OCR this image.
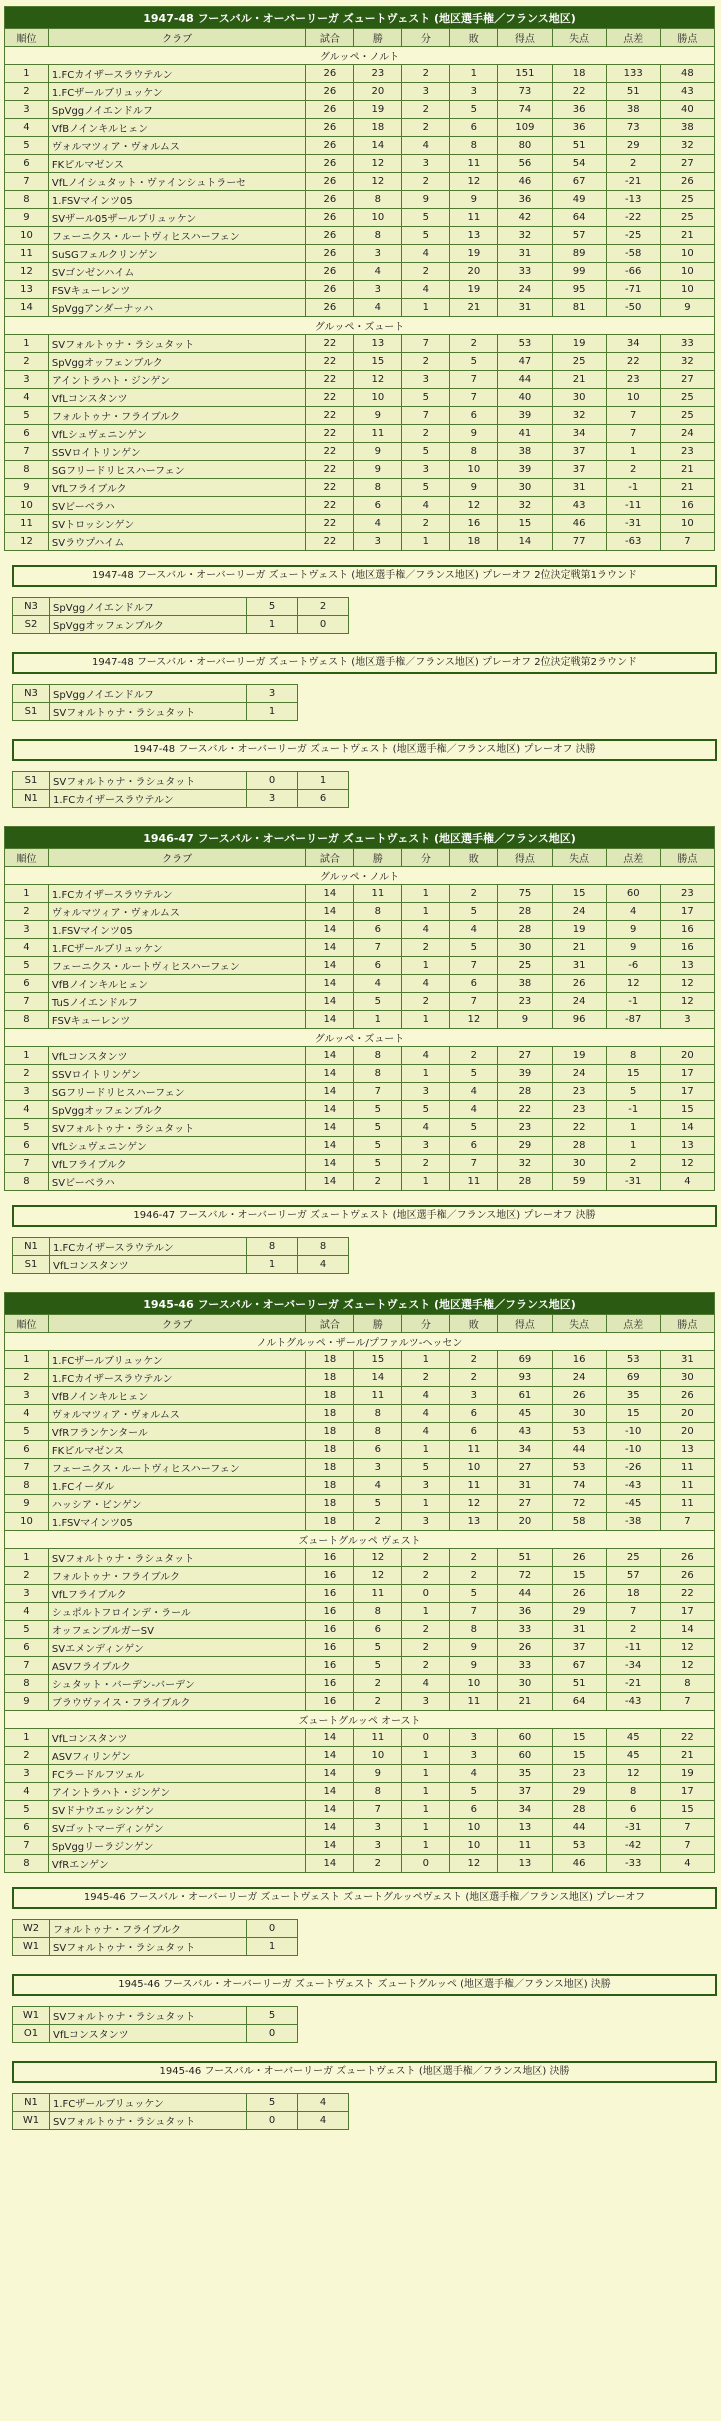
1947-48 フースバル・オーバーリーガ ズュートヴェスト (地区選手権／フランス地区)									
順位	クラブ	試合	勝	分	敗	得点	失点	点差	勝点
グルッペ・ノルト									
1	1.FCカイザースラウテルン	26	23	2	1	151	18	133	48
2	1.FCザールブリュッケン	26	20	3	3	73	22	51	43
3	SpVggノイエンドルフ	26	19	2	5	74	36	38	40
4	VfBノインキルヒェン	26	18	2	6	109	36	73	38
5	ヴォルマツィア・ヴォルムス	26	14	4	8	80	51	29	32
6	FKピルマゼンス	26	12	3	11	56	54	2	27
7	VfLノイシュタット・ヴァインシュトラーセ	26	12	2	12	46	67	-21	26
8	1.FSVマインツ05	26	8	9	9	36	49	-13	25
9	SVザール05ザールブリュッケン	26	10	5	11	42	64	-22	25
10	フェーニクス・ルートヴィヒスハーフェン	26	8	5	13	32	57	-25	21
11	SuSGフェルクリンゲン	26	3	4	19	31	89	-58	10
12	SVゴンゼンハイム	26	4	2	20	33	99	-66	10
13	FSVキューレンツ	26	3	4	19	24	95	-71	10
14	SpVggアンダーナッハ	26	4	1	21	31	81	-50	9
グルッペ・ズュート									
1	SVフォルトゥナ・ラシュタット	22	13	7	2	53	19	34	33
2	SpVggオッフェンブルク	22	15	2	5	47	25	22	32
3	アイントラハト・ジンゲン	22	12	3	7	44	21	23	27
4	VfLコンスタンツ	22	10	5	7	40	30	10	25
5	フォルトゥナ・フライブルク	22	9	7	6	39	32	7	25
6	VfLシュヴェニンゲン	22	11	2	9	41	34	7	24
7	SSVロイトリンゲン	22	9	5	8	38	37	1	23
8	SGフリードリヒスハーフェン	22	9	3	10	39	37	2	21
9	VfLフライブルク	22	8	5	9	30	31	-1	21
10	SVビーベラハ	22	6	4	12	32	43	-11	16
11	SVトロッシンゲン	22	4	2	16	15	46	-31	10
12	SVラウプハイム	22	3	1	18	14	77	-63	7
1947-48 フースバル・オーバーリーガ ズュートヴェスト (地区選手権／フランス地区) プレーオフ 2位決定戦第1ラウンド
N3	SpVggノイエンドルフ	5	2
S2	SpVggオッフェンブルク	1	0
1947-48 フースバル・オーバーリーガ ズュートヴェスト (地区選手権／フランス地区) プレーオフ 2位決定戦第2ラウンド
N3	SpVggノイエンドルフ	3
S1	SVフォルトゥナ・ラシュタット	1
1947-48 フースバル・オーバーリーガ ズュートヴェスト (地区選手権／フランス地区) プレーオフ 決勝
S1	SVフォルトゥナ・ラシュタット	0	1
N1	1.FCカイザースラウテルン	3	6
1946-47 フースバル・オーバーリーガ ズュートヴェスト (地区選手権／フランス地区)									
順位	クラブ	試合	勝	分	敗	得点	失点	点差	勝点
グルッペ・ノルト									
1	1.FCカイザースラウテルン	14	11	1	2	75	15	60	23
2	ヴォルマツィア・ヴォルムス	14	8	1	5	28	24	4	17
3	1.FSVマインツ05	14	6	4	4	28	19	9	16
4	1.FCザールブリュッケン	14	7	2	5	30	21	9	16
5	フェーニクス・ルートヴィヒスハーフェン	14	6	1	7	25	31	-6	13
6	VfBノインキルヒェン	14	4	4	6	38	26	12	12
7	TuSノイエンドルフ	14	5	2	7	23	24	-1	12
8	FSVキューレンツ	14	1	1	12	9	96	-87	3
グルッペ・ズュート									
1	VfLコンスタンツ	14	8	4	2	27	19	8	20
2	SSVロイトリンゲン	14	8	1	5	39	24	15	17
3	SGフリードリヒスハーフェン	14	7	3	4	28	23	5	17
4	SpVggオッフェンブルク	14	5	5	4	22	23	-1	15
5	SVフォルトゥナ・ラシュタット	14	5	4	5	23	22	1	14
6	VfLシュヴェニンゲン	14	5	3	6	29	28	1	13
7	VfLフライブルク	14	5	2	7	32	30	2	12
8	SVビーベラハ	14	2	1	11	28	59	-31	4
1946-47 フースバル・オーバーリーガ ズュートヴェスト (地区選手権／フランス地区) プレーオフ 決勝
N1	1.FCカイザースラウテルン	8	8
S1	VfLコンスタンツ	1	4
1945-46 フースバル・オーバーリーガ ズュートヴェスト (地区選手権／フランス地区)									
順位	クラブ	試合	勝	分	敗	得点	失点	点差	勝点
ノルトグルッペ・ザール/プファルツ-ヘッセン									
1	1.FCザールブリュッケン	18	15	1	2	69	16	53	31
2	1.FCカイザースラウテルン	18	14	2	2	93	24	69	30
3	VfBノインキルヒェン	18	11	4	3	61	26	35	26
4	ヴォルマツィア・ヴォルムス	18	8	4	6	45	30	15	20
5	VfRフランケンタール	18	8	4	6	43	53	-10	20
6	FKピルマゼンス	18	6	1	11	34	44	-10	13
7	フェーニクス・ルートヴィヒスハーフェン	18	3	5	10	27	53	-26	11
8	1.FCイーダル	18	4	3	11	31	74	-43	11
9	ハッシア・ビンゲン	18	5	1	12	27	72	-45	11
10	1.FSVマインツ05	18	2	3	13	20	58	-38	7
ズュートグルッペ ヴェスト									
1	SVフォルトゥナ・ラシュタット	16	12	2	2	51	26	25	26
2	フォルトゥナ・フライブルク	16	12	2	2	72	15	57	26
3	VfLフライブルク	16	11	0	5	44	26	18	22
4	シュポルトフロインデ・ラール	16	8	1	7	36	29	7	17
5	オッフェンブルガーSV	16	6	2	8	33	31	2	14
6	SVエメンディンゲン	16	5	2	9	26	37	-11	12
7	ASVフライブルク	16	5	2	9	33	67	-34	12
8	シュタット・バーデン-バーデン	16	2	4	10	30	51	-21	8
9	ブラウヴァイス・フライブルク	16	2	3	11	21	64	-43	7
ズュートグルッペ オースト									
1	VfLコンスタンツ	14	11	0	3	60	15	45	22
2	ASVフィリンゲン	14	10	1	3	60	15	45	21
3	FCラードルフツェル	14	9	1	4	35	23	12	19
4	アイントラハト・ジンゲン	14	8	1	5	37	29	8	17
5	SVドナウエッシンゲン	14	7	1	6	34	28	6	15
6	SVゴットマーディンゲン	14	3	1	10	13	44	-31	7
7	SpVggリーラジンゲン	14	3	1	10	11	53	-42	7
8	VfRエンゲン	14	2	0	12	13	46	-33	4
1945-46 フースバル・オーバーリーガ ズュートヴェスト ズュートグルッペヴェスト (地区選手権／フランス地区) プレーオフ
W2	フォルトゥナ・フライブルク	0
W1	SVフォルトゥナ・ラシュタット	1
1945-46 フースバル・オーバーリーガ ズュートヴェスト ズュートグルッペ (地区選手権／フランス地区) 決勝
W1	SVフォルトゥナ・ラシュタット	5
O1	VfLコンスタンツ	0
1945-46 フースバル・オーバーリーガ ズュートヴェスト (地区選手権／フランス地区) 決勝
N1	1.FCザールブリュッケン	5	4
W1	SVフォルトゥナ・ラシュタット	0	4
